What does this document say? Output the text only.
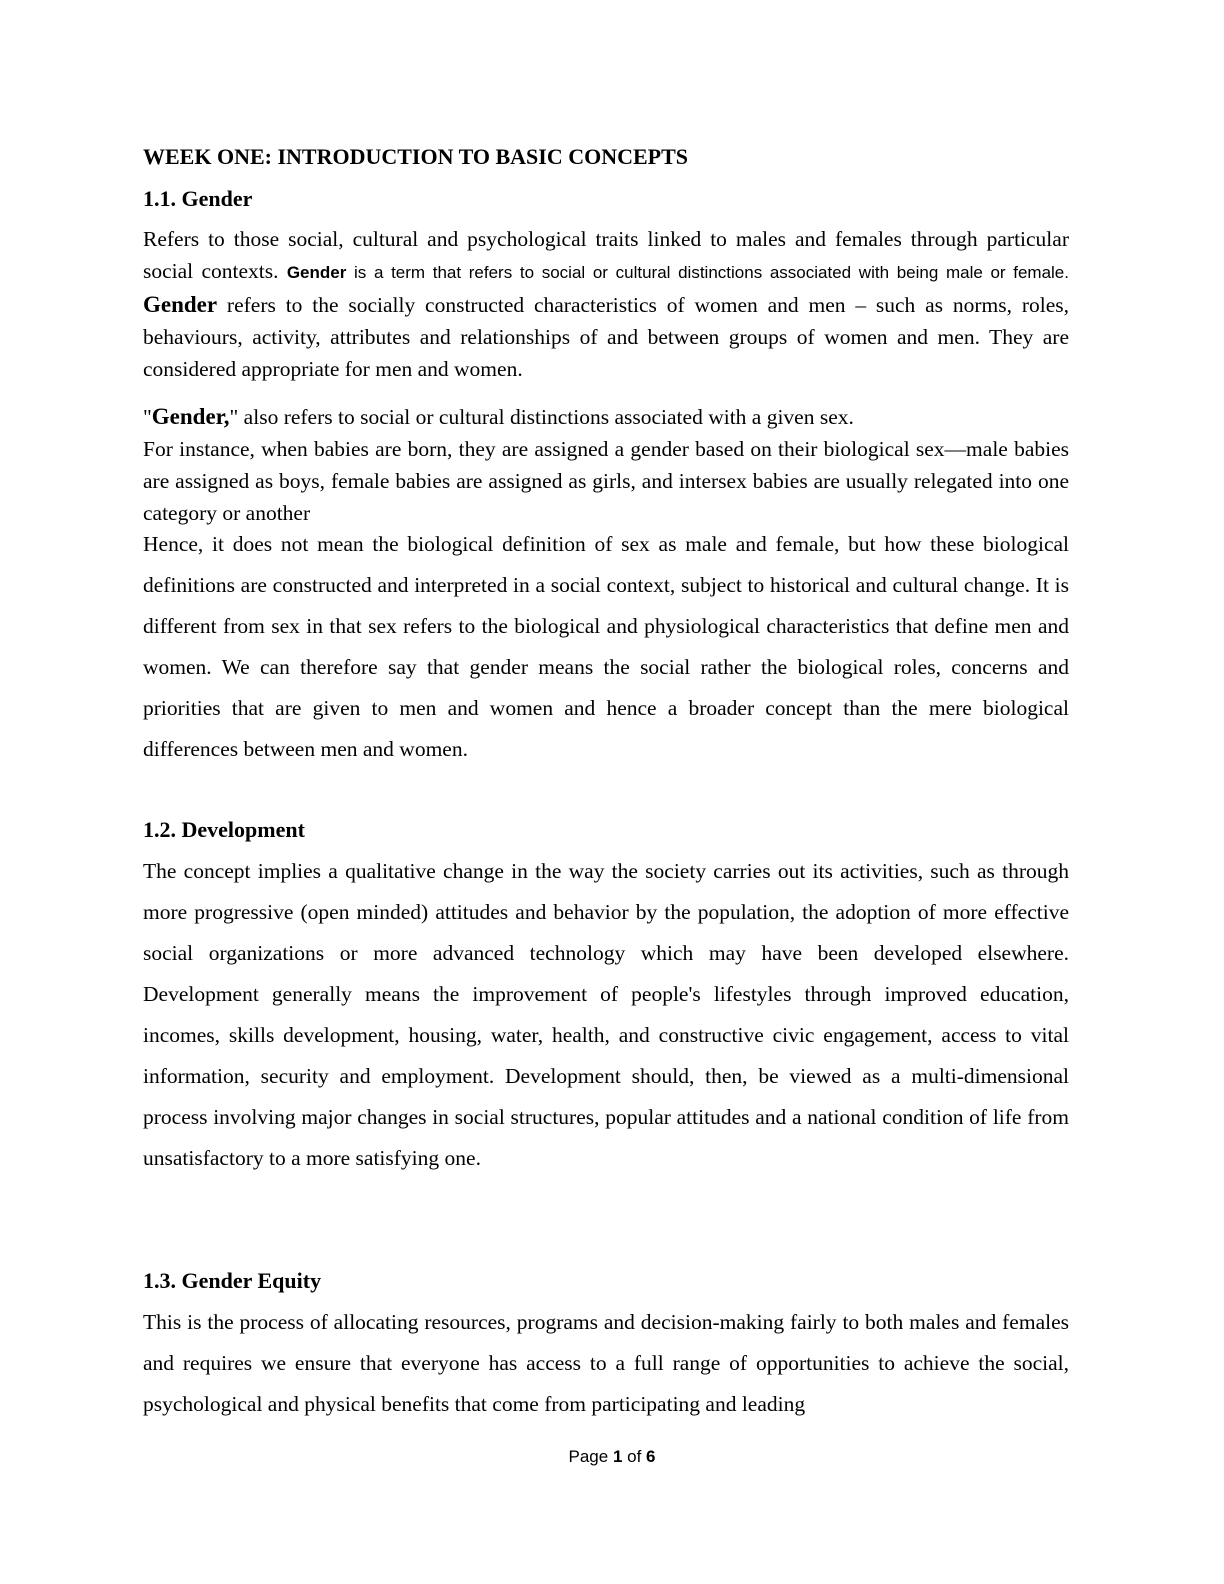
WEEK ONE: INTRODUCTION TO BASIC CONCEPTS
1.1. Gender

Refers to those social, cultural and psychological traits linked to males and females through particular social contexts. Gender is a term that refers to social or cultural distinctions associated with being male or female. Gender refers to the socially constructed characteristics of women and men – such as norms, roles, behaviours, activity, attributes and relationships of and between groups of women and men. They are considered appropriate for men and women.

"Gender," also refers to social or cultural distinctions associated with a given sex.

For instance, when babies are born, they are assigned a gender based on their biological sex—male babies are assigned as boys, female babies are assigned as girls, and intersex babies are usually relegated into one category or another

Hence, it does not mean the biological definition of sex as male and female, but how these biological definitions are constructed and interpreted in a social context, subject to historical and cultural change. It is different from sex in that sex refers to the biological and physiological characteristics that define men and women. We can therefore say that gender means the social rather the biological roles, concerns and priorities that are given to men and women and hence a broader concept than the mere biological differences between men and women.

1.2. Development

The concept implies a qualitative change in the way the society carries out its activities, such as through more progressive (open minded) attitudes and behavior by the population, the adoption of more effective social organizations or more advanced technology which may have been developed elsewhere. Development generally means the improvement of people's lifestyles through improved education, incomes, skills development, housing, water, health, and constructive civic engagement, access to vital information, security and employment. Development should, then, be viewed as a multi-dimensional process involving major changes in social structures, popular attitudes and a national condition of life from unsatisfactory to a more satisfying one.

1.3. Gender Equity

This is the process of allocating resources, programs and decision-making fairly to both males and females and requires we ensure that everyone has access to a full range of opportunities to achieve the social, psychological and physical benefits that come from participating and leading

Page 1 of 6
